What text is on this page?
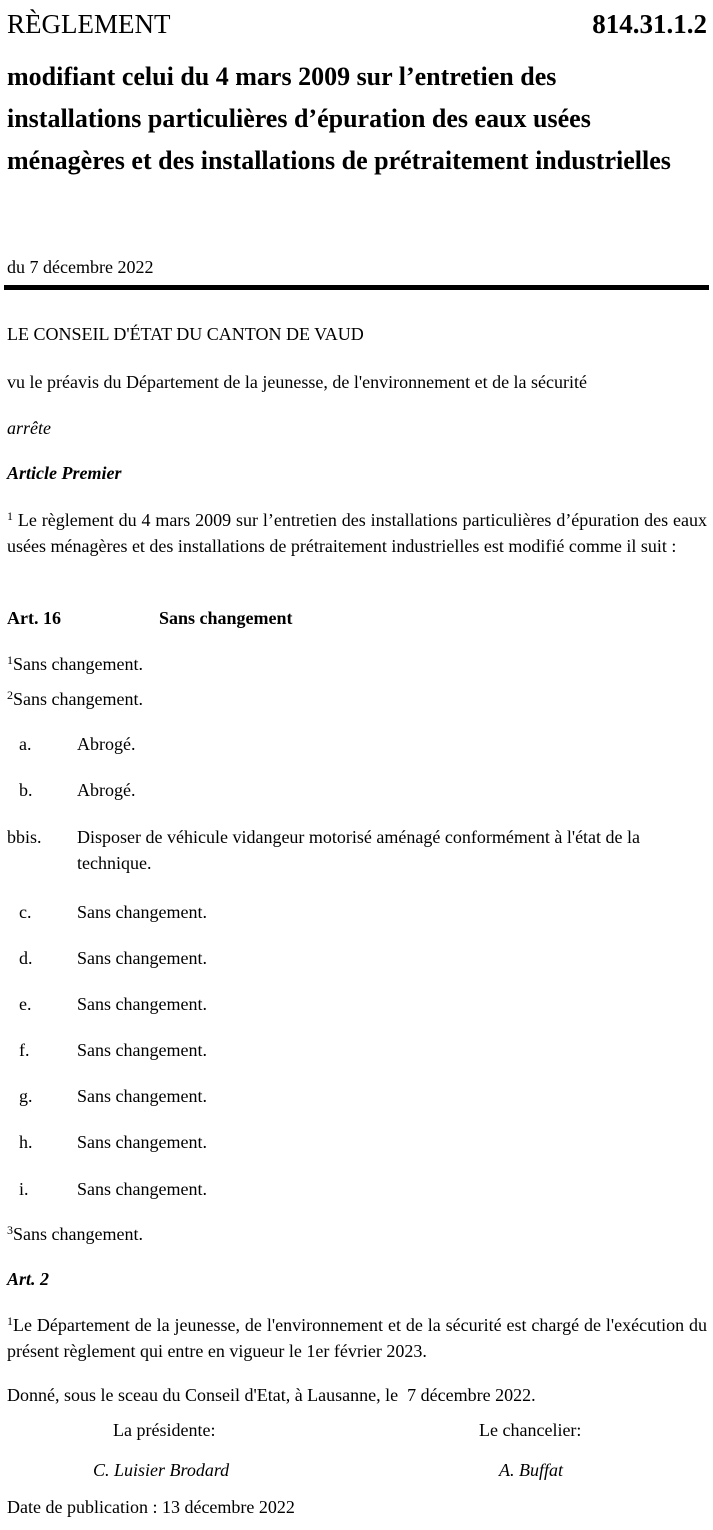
RÈGLEMENT	814.31.1.2
modifiant celui du 4 mars 2009 sur l’entretien des installations particulières d’épuration des eaux usées ménagères et des installations de prétraitement industrielles
du 7 décembre 2022
LE CONSEIL D'ÉTAT DU CANTON DE VAUD
vu le préavis du Département de la jeunesse, de l'environnement et de la sécurité
arrête
Article Premier
$^1$ Le règlement du 4 mars 2009 sur l’entretien des installations particulières d’épuration des eaux usées ménagères et des installations de prétraitement industrielles est modifié comme il suit :
Art. 16	Sans changement
$^1$Sans changement.
$^2$Sans changement.
a.	Abrogé.
b. Abrogé.
bbis. Disposer de véhicule vidangeur motorisé aménagé conformément à l'état de la technique.
c.	Sans changement.
d. Sans changement.
e.	Sans changement.
f.	Sans changement.
g. Sans changement.
h. Sans changement.
i.	Sans changement.
$^3$Sans changement.
Art. 2
$^1$Le Département de la jeunesse, de l'environnement et de la sécurité est chargé de l'exécution du présent règlement qui entre en vigueur le 1er février 2023.
Donné, sous le sceau du Conseil d'Etat, à Lausanne, le  7 décembre 2022.
La présidente:	Le chancelier:
C. Luisier Brodard	A. Buffat
Date de publication : 13 décembre 2022
